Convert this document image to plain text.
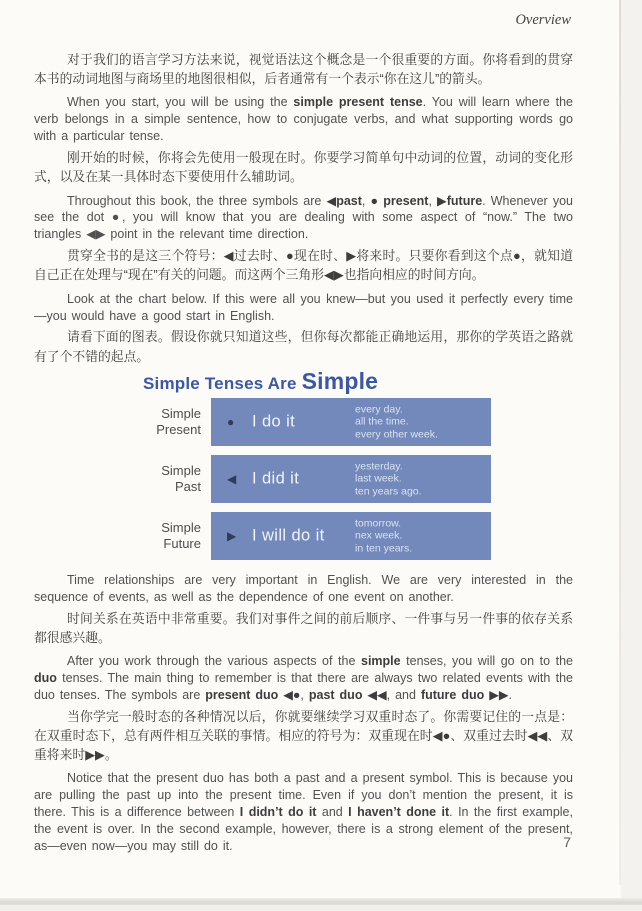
Overview

对于我们的语言学习方法来说，视觉语法这个概念是一个很重要的方面。你将看到的贯穿本书的动词地图与商场里的地图很相似，后者通常有一个表示“你在这儿”的箭头。

When you start, you will be using the simple present tense. You will learn where the verb belongs in a simple sentence, how to conjugate verbs, and what supporting words go with a particular tense.

刚开始的时候，你将会先使用一般现在时。你要学习简单句中动词的位置，动词的变化形式，以及在某一具体时态下要使用什么辅助词。

Throughout this book, the three symbols are ◀past, ● present, ▶future. Whenever you see the dot ●, you will know that you are dealing with some aspect of “now.” The two triangles ◀▶ point in the relevant time direction.

贯穿全书的是这三个符号：◀过去时、●现在时、▶将来时。只要你看到这个点●，就知道自己正在处理与“现在”有关的问题。而这两个三角形◀▶也指向相应的时间方向。

Look at the chart below. If this were all you knew—but you used it perfectly every time—you would have a good start in English.

请看下面的图表。假设你就只知道这些，但你每次都能正确地运用，那你的学英语之路就有了个不错的起点。

Simple Tenses Are Simple
Simple
Present ● I do it
every day.
all the time.
every other week.
Simple
Past ◀ I did it
yesterday.
last week.
ten years ago.
Simple
Future ▶ I will do it
tomorrow.
nex week.
in ten years.

Time relationships are very important in English. We are very interested in the sequence of events, as well as the dependence of one event on another.

时间关系在英语中非常重要。我们对事件之间的前后顺序、一件事与另一件事的依存关系都很感兴趣。

After you work through the various aspects of the simple tenses, you will go on to the duo tenses. The main thing to remember is that there are always two related events with the duo tenses. The symbols are present duo ◀●, past duo ◀◀, and future duo ▶▶.

当你学完一般时态的各种情况以后，你就要继续学习双重时态了。你需要记住的一点是：在双重时态下，总有两件相互关联的事情。相应的符号为：双重现在时◀●、双重过去时◀◀、双重将来时▶▶。

Notice that the present duo has both a past and a present symbol. This is because you are pulling the past up into the present time. Even if you don’t mention the present, it is there. This is a difference between I didn’t do it and I haven’t done it. In the first example, the event is over. In the second example, however, there is a strong element of the present, as—even now—you may still do it.	7
